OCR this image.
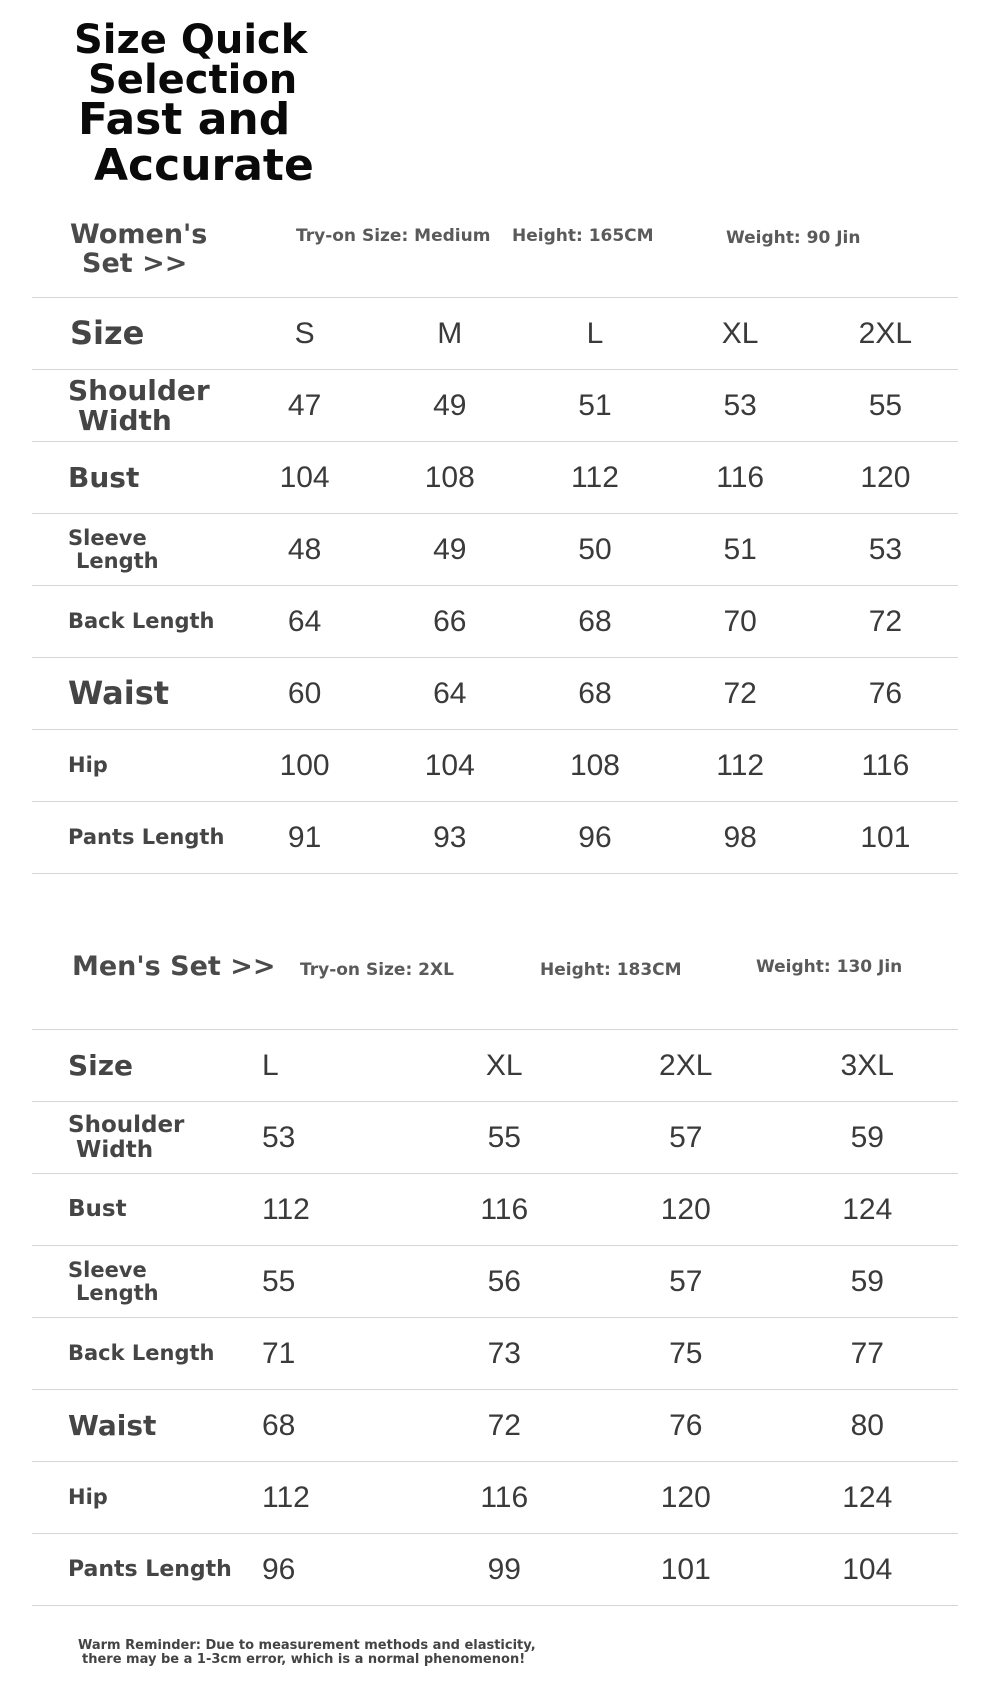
Size Quick
Selection
Fast and
Accurate
Women's
Set >>
Try-on Size: Medium Height: 165CM	Weight: 90 Jin
Size	S	M	L	XL	2XL

Shoulder
Width	47	49	51	53	55
Bust	104	108	112	116	120

Sleeve
Length	48	49	50	51	53
Back Length	64	66	68	70	72
Waist	60	64	68	72	76
Hip	100	104	108	112	116
Pants Length	91	93	96	98	101
Men's Set >> Try-on Size: 2XL	Height: 183CM	Weight: 130 Jin
Size	L	XL	2XL	3XL

Shoulder
Width	53	55	57	59
Bust	112	116	120	124

Sleeve
Length	55	56	57	59
Back Length	71	73	75	77
Waist	68	72	76	80
Hip	112	116	120	124
Pants Length	96	99	101	104
Warm Reminder: Due to measurement methods and elasticity,
there may be a 1-3cm error, which is a normal phenomenon!
